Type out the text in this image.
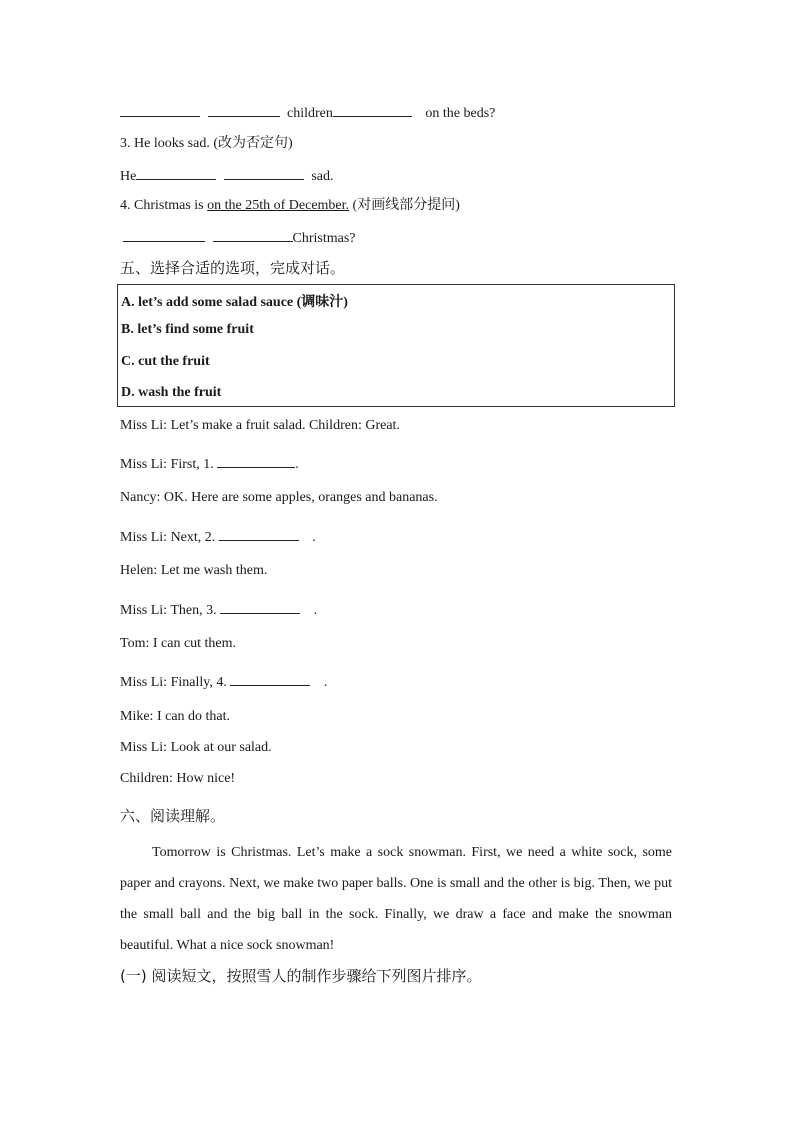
children	on the beds?
3. He looks sad. (改为否定句)
He	sad.
4. Christmas is on the 25th of December. (对画线部分提问)
Christmas?
五、选择合适的选项，完成对话。
A. let’s add some salad sauce (调味汁)
B. let’s find some fruit
C. cut the fruit
D. wash the fruit
Miss Li: Let’s make a fruit salad. Children: Great.
Miss Li: First, 1.	.
Nancy: OK. Here are some apples, oranges and bananas.
Miss Li: Next, 2.	.
Helen: Let me wash them.
Miss Li: Then, 3.	.
Tom: I can cut them.
Miss Li: Finally, 4.	.
Mike: I can do that.
Miss Li: Look at our salad.
Children: How nice!
六、阅读理解。
Tomorrow is Christmas. Let’s make a sock snowman. First, we need a white sock, some paper and crayons. Next, we make two paper balls. One is small and the other is big. Then, we put the small ball and the big ball in the sock. Finally, we draw a face and make the snowman beautiful. What a nice sock snowman!
(一) 阅读短文，按照雪人的制作步骤给下列图片排序。
